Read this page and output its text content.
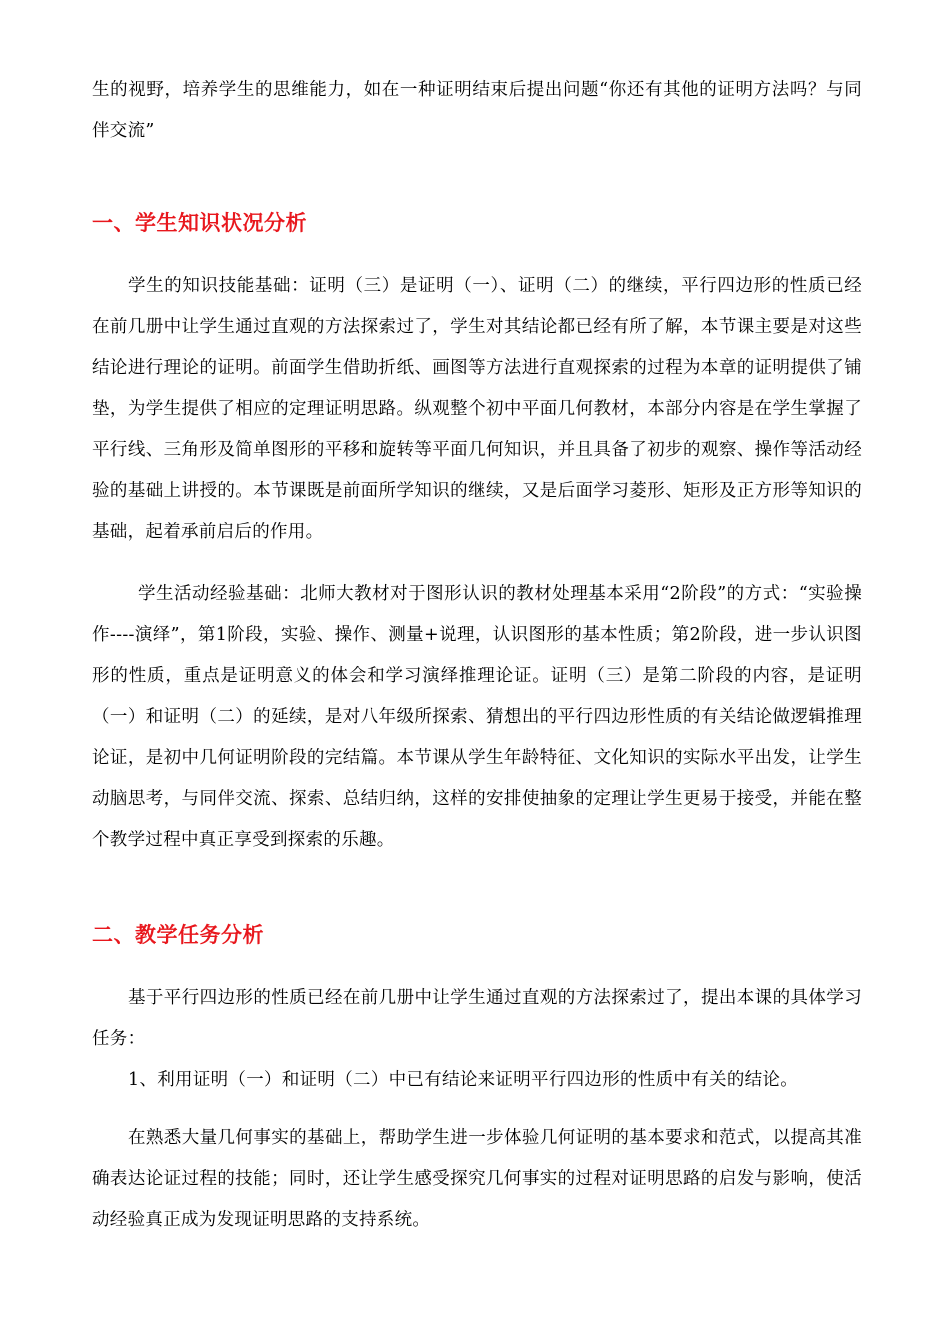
生的视野，培养学生的思维能力，如在一种证明结束后提出问题“你还有其他的证明方法吗？与同伴交流”

一、学生知识状况分析

学生的知识技能基础：证明（三）是证明（一）、证明（二）的继续，平行四边形的性质已经在前几册中让学生通过直观的方法探索过了，学生对其结论都已经有所了解，本节课主要是对这些结论进行理论的证明。前面学生借助折纸、画图等方法进行直观探索的过程为本章的证明提供了铺垫，为学生提供了相应的定理证明思路。纵观整个初中平面几何教材，本部分内容是在学生掌握了平行线、三角形及简单图形的平移和旋转等平面几何知识，并且具备了初步的观察、操作等活动经验的基础上讲授的。本节课既是前面所学知识的继续，又是后面学习菱形、矩形及正方形等知识的基础，起着承前启后的作用。

学生活动经验基础：北师大教材对于图形认识的教材处理基本采用“2阶段”的方式：“实验操作----演绎”，第1阶段，实验、操作、测量+说理，认识图形的基本性质；第2阶段，进一步认识图形的性质，重点是证明意义的体会和学习演绎推理论证。证明（三）是第二阶段的内容，是证明（一）和证明（二）的延续，是对八年级所探索、猜想出的平行四边形性质的有关结论做逻辑推理论证，是初中几何证明阶段的完结篇。本节课从学生年龄特征、文化知识的实际水平出发，让学生动脑思考，与同伴交流、探索、总结归纳，这样的安排使抽象的定理让学生更易于接受，并能在整个教学过程中真正享受到探索的乐趣。

二、教学任务分析

基于平行四边形的性质已经在前几册中让学生通过直观的方法探索过了，提出本课的具体学习任务：

1、利用证明（一）和证明（二）中已有结论来证明平行四边形的性质中有关的结论。

在熟悉大量几何事实的基础上，帮助学生进一步体验几何证明的基本要求和范式，以提高其准确表达论证过程的技能；同时，还让学生感受探究几何事实的过程对证明思路的启发与影响，使活动经验真正成为发现证明思路的支持系统。
